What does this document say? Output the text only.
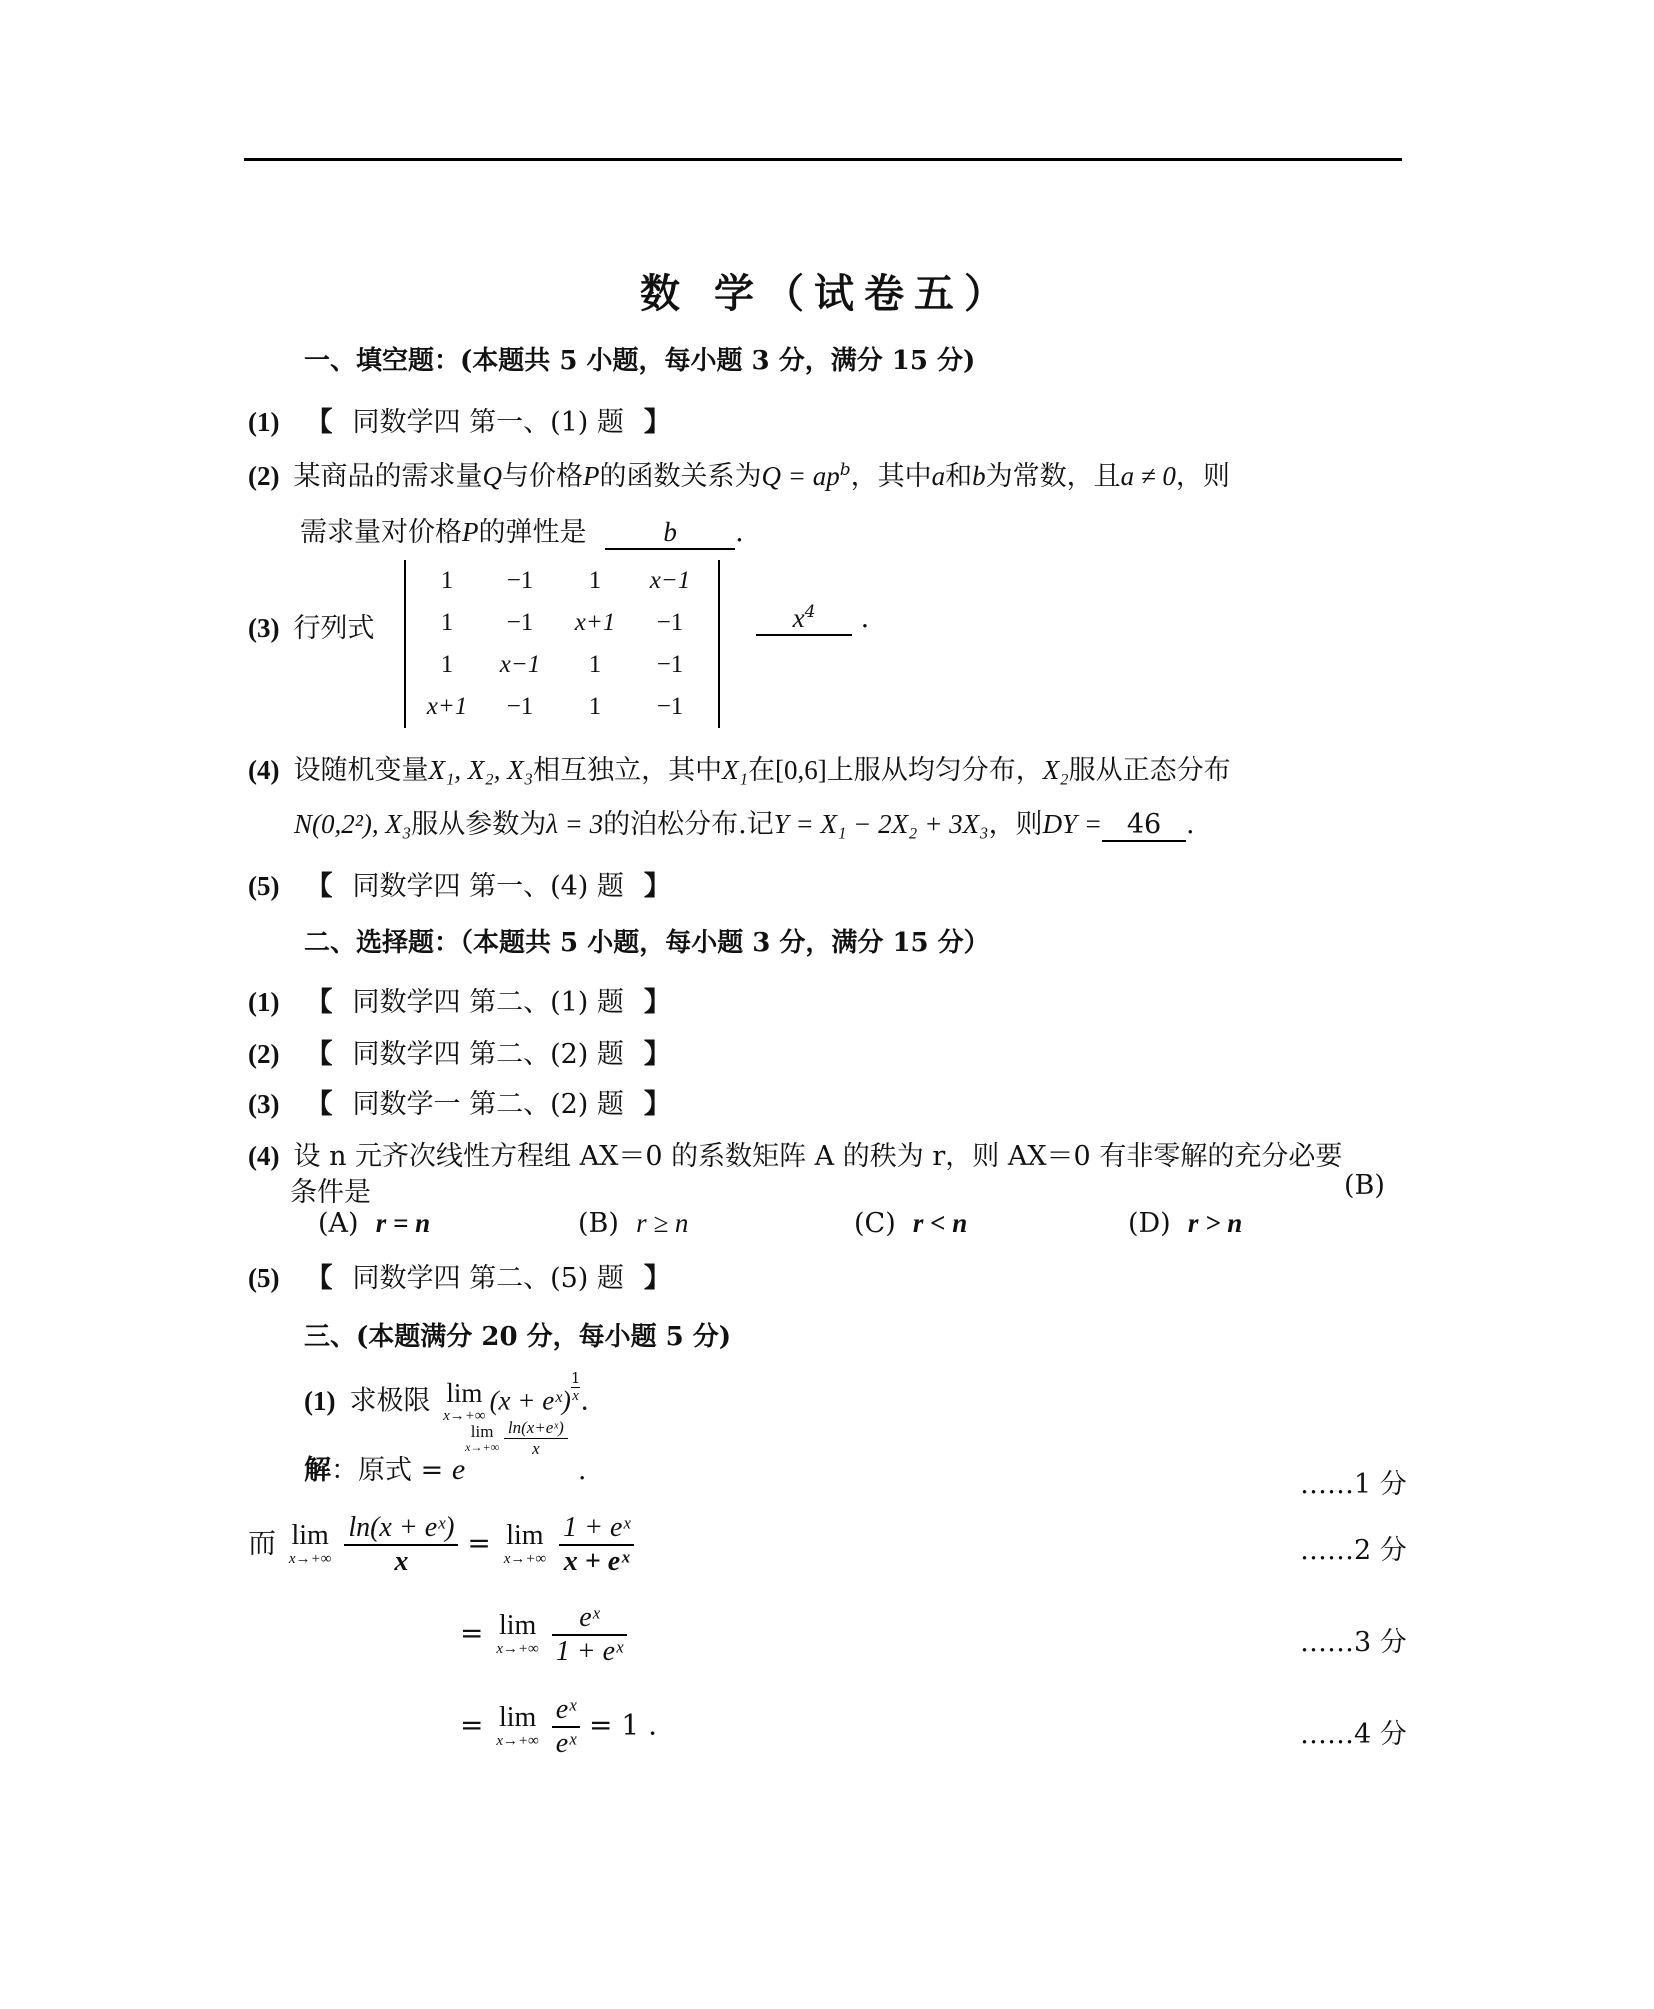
数 学（试卷五）
一、填空题：(本题共 5 小题，每小题 3 分，满分 15 分)
(1) 【 同数学四 第一、(1) 题 】
(2) 某商品的需求量Q与价格P的函数关系为$Q = ap^b$，其中a和b为常数，且a ≠ 0，则
需求量对价格P的弹性是	b .
(3) 行列式
1	−1	1	x−1
1	−1	x+1	−1
1	x−1	1	−1
x+1	−1	1	−1
$x^4$ .
(4) 设随机变量X₁, X₂, X₃相互独立，其中X₁在[0,6]上服从均匀分布，X₂服从正态分布
N(0,2²), X₃服从参数为λ = 3的泊松分布.记Y = X₁ − 2X₂ + 3X₃，则DY = 46 .
(5) 【 同数学四 第一、(4) 题 】
二、选择题：（本题共 5 小题，每小题 3 分，满分 15 分）
(1) 【 同数学四 第二、(1) 题 】
(2) 【 同数学四 第二、(2) 题 】
(3) 【 同数学一 第二、(2) 题 】
(4) 设 n 元齐次线性方程组 AX＝0 的系数矩阵 A 的秩为 r，则 AX＝0 有非零解的充分必要
条件是	(B)
(A) r = n	(B) r ≥ n	(C) r < n	(D) r > n
(5) 【 同数学四 第二、(5) 题 】
三、(本题满分 20 分，每小题 5 分)
(1) 求极限 lim
x→+∞ (x + eˣ) $\frac{1}{x}$ .
解：原式 = e
lim
x→+∞
$\frac{\text{ln(x+eˣ)}}{x}$
.	……1 分
而 lim
x→+∞
$\frac{\text{ln(x + eˣ)}}{x} = \lim$
x→+∞
$\frac{\text{1 + eˣ}}{\text{x + eˣ}}$	……2 分
= lim
x→+∞
$\frac{\text{eˣ}}{\text{1 + eˣ}}$	……3 分
= lim
x→+∞
$\frac{\text{eˣ}}{\text{eˣ}} = 1$ .	……4 分
